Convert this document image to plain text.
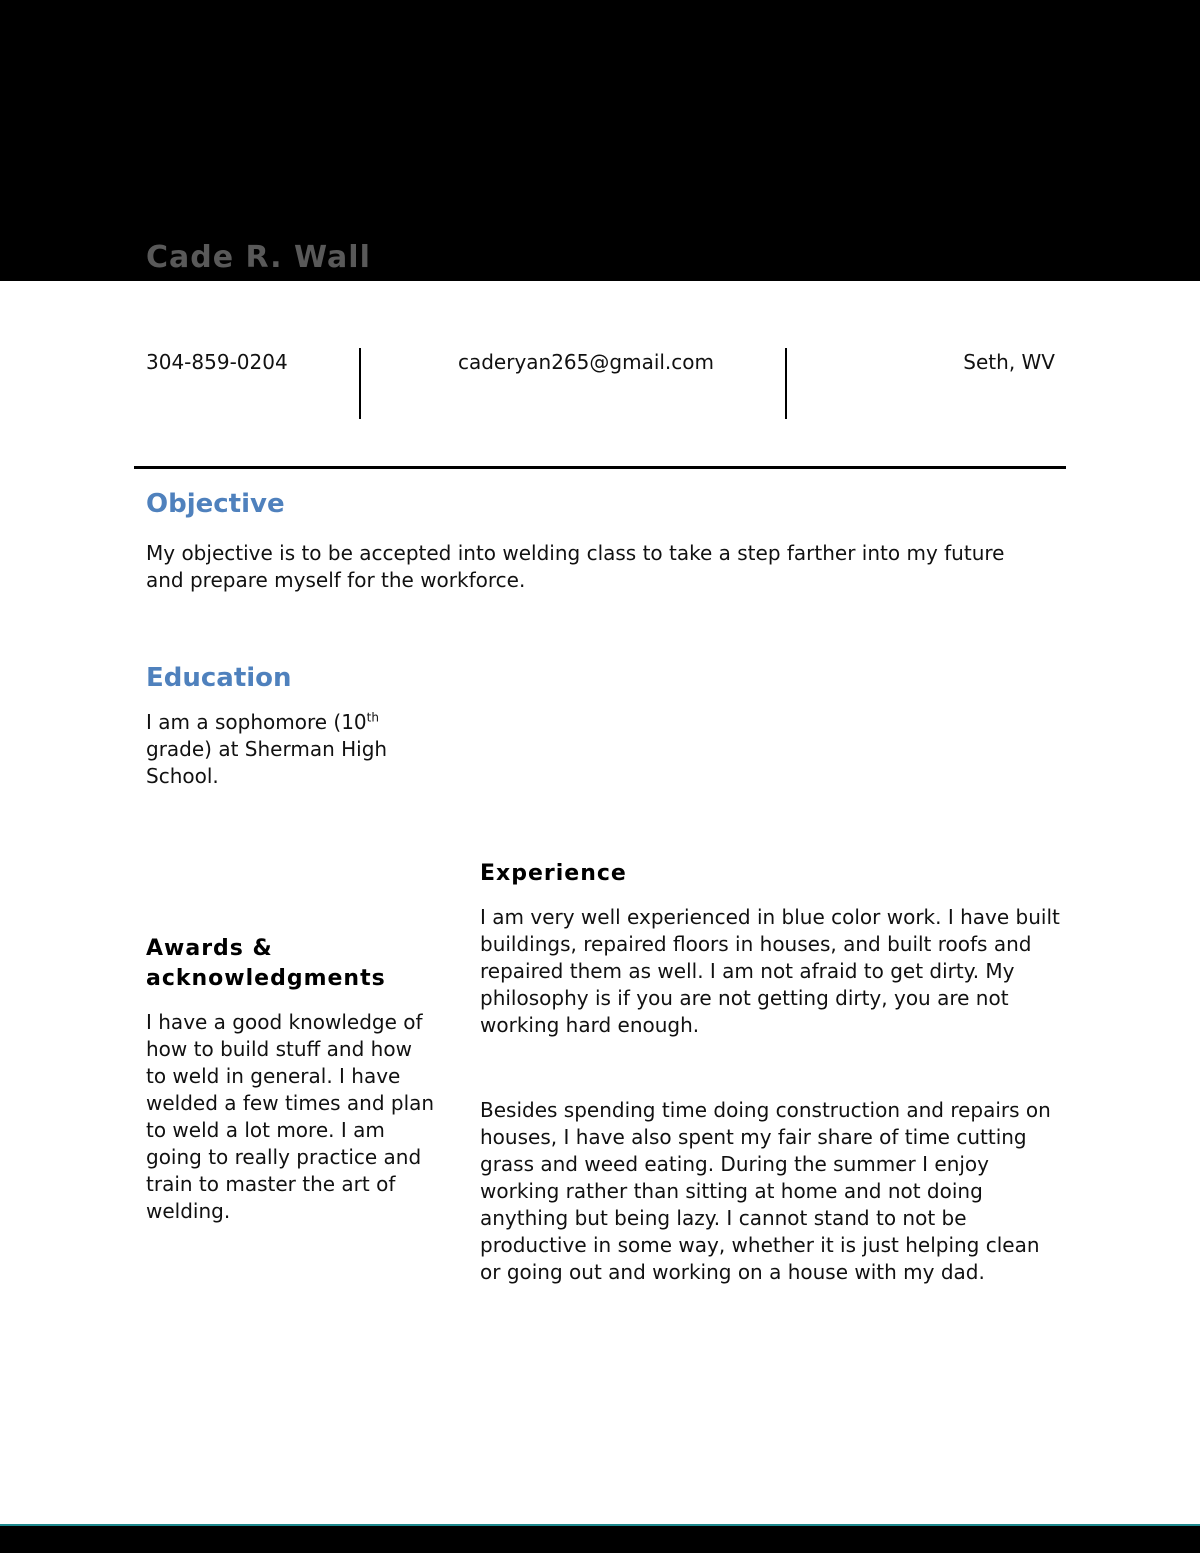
Cade R. Wall
304-859-0204	caderyan265@gmail.com	Seth, WV
Objective

My objective is to be accepted into welding class to take a step farther into my future and prepare myself for the workforce.

Education

I am a sophomore (10th grade) at Sherman High School.

Experience

I am very well experienced in blue color work. I have built buildings, repaired floors in houses, and built roofs and repaired them as well. I am not afraid to get dirty. My philosophy is if you are not getting dirty, you are not working hard enough.

Besides spending time doing construction and repairs on houses, I have also spent my fair share of time cutting grass and weed eating. During the summer I enjoy working rather than sitting at home and not doing anything but being lazy. I cannot stand to not be productive in some way, whether it is just helping clean or going out and working on a house with my dad.

Awards & acknowledgments

I have a good knowledge of how to build stuff and how to weld in general. I have welded a few times and plan to weld a lot more. I am going to really practice and train to master the art of welding.
